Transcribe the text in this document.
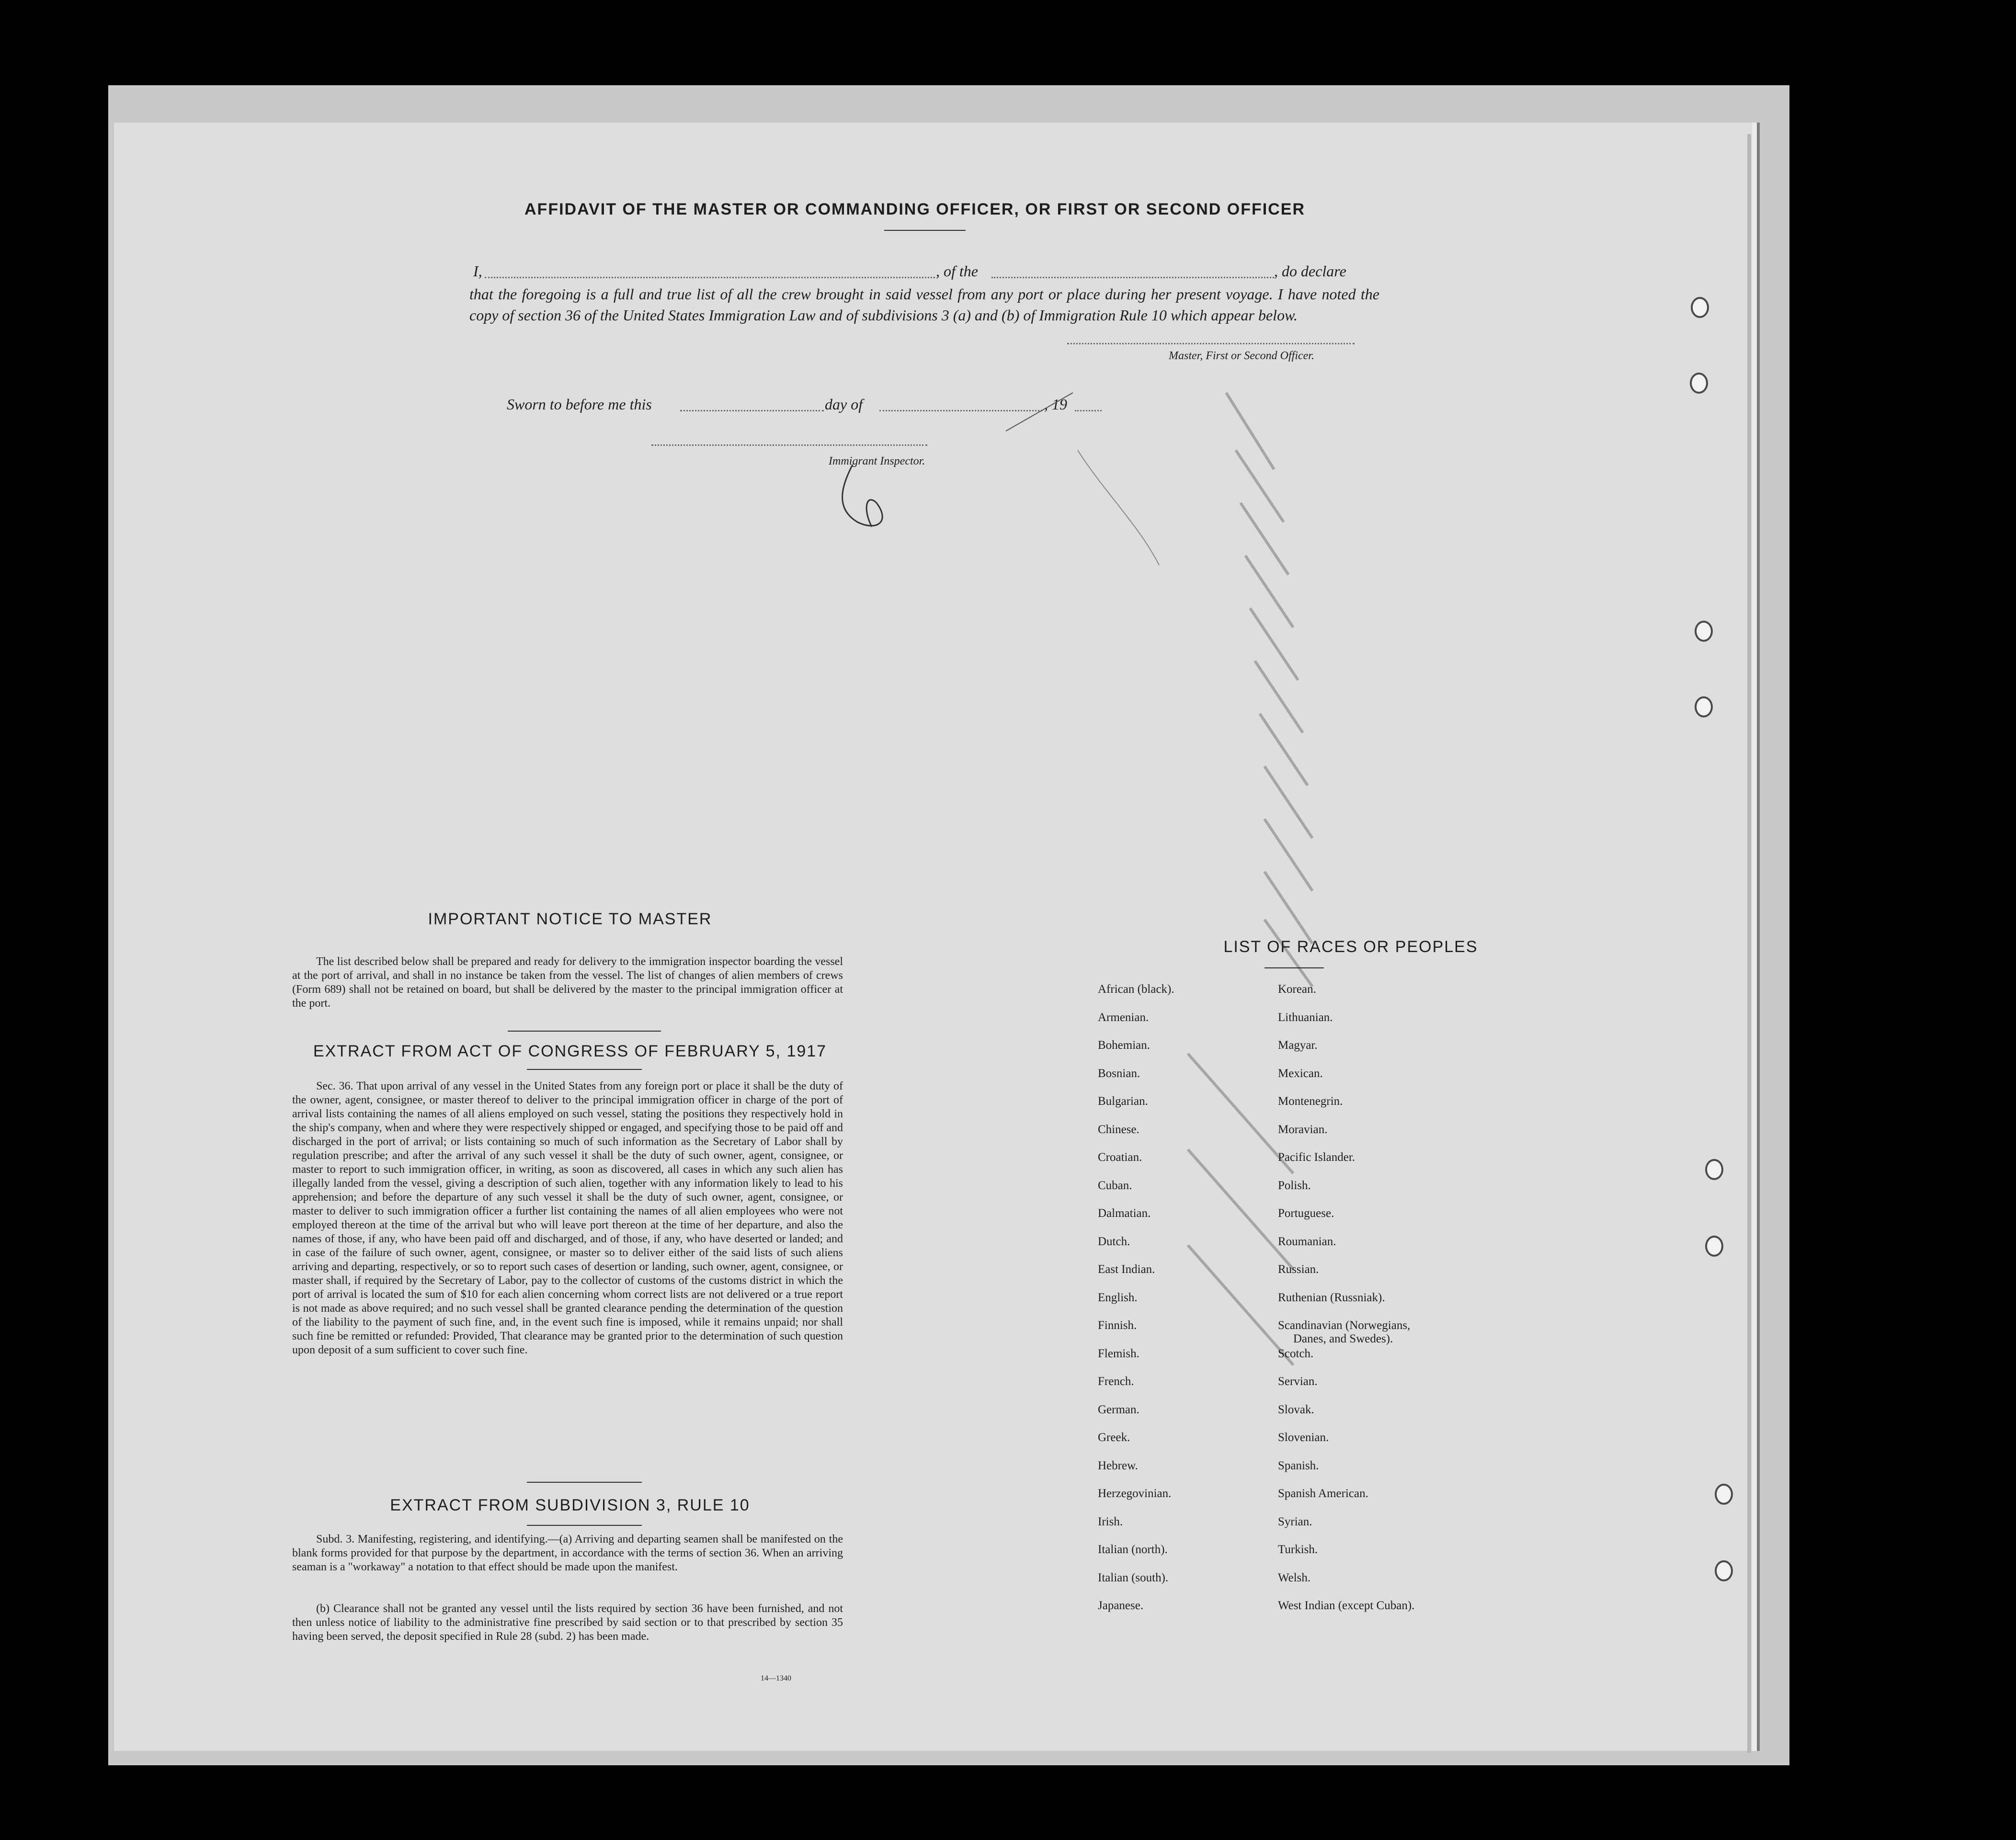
AFFIDAVIT OF THE MASTER OR COMMANDING OFFICER, OR FIRST OR SECOND OFFICER
I,	, of the	, do declare
that the foregoing is a full and true list of all the crew brought in said vessel from any port or place during her present voyage. I have noted the copy of section 36 of the United States Immigration Law and of subdivisions 3 (a) and (b) of Immigration Rule 10 which appear below.
Master, First or Second Officer.
Sworn to before me this	day of	, 19
Immigrant Inspector.
IMPORTANT NOTICE TO MASTER
The list described below shall be prepared and ready for delivery to the immigration inspector boarding the vessel at the port of arrival, and shall in no instance be taken from the vessel. The list of changes of alien members of crews (Form 689) shall not be retained on board, but shall be delivered by the master to the principal immigration officer at the port.
EXTRACT FROM ACT OF CONGRESS OF FEBRUARY 5, 1917
Sec. 36. That upon arrival of any vessel in the United States from any foreign port or place it shall be the duty of the owner, agent, consignee, or master thereof to deliver to the principal immigration officer in charge of the port of arrival lists containing the names of all aliens employed on such vessel, stating the positions they respectively hold in the ship's company, when and where they were respectively shipped or engaged, and specifying those to be paid off and discharged in the port of arrival; or lists containing so much of such information as the Secretary of Labor shall by regulation prescribe; and after the arrival of any such vessel it shall be the duty of such owner, agent, consignee, or master to report to such immigration officer, in writing, as soon as discovered, all cases in which any such alien has illegally landed from the vessel, giving a description of such alien, together with any information likely to lead to his apprehension; and before the departure of any such vessel it shall be the duty of such owner, agent, consignee, or master to deliver to such immigration officer a further list containing the names of all alien employees who were not employed thereon at the time of the arrival but who will leave port thereon at the time of her departure, and also the names of those, if any, who have been paid off and discharged, and of those, if any, who have deserted or landed; and in case of the failure of such owner, agent, consignee, or master so to deliver either of the said lists of such aliens arriving and departing, respectively, or so to report such cases of desertion or landing, such owner, agent, consignee, or master shall, if required by the Secretary of Labor, pay to the collector of customs of the customs district in which the port of arrival is located the sum of $10 for each alien concerning whom correct lists are not delivered or a true report is not made as above required; and no such vessel shall be granted clearance pending the determination of the question of the liability to the payment of such fine, and, in the event such fine is imposed, while it remains unpaid; nor shall such fine be remitted or refunded: Provided, That clearance may be granted prior to the determination of such question upon deposit of a sum sufficient to cover such fine.
EXTRACT FROM SUBDIVISION 3, RULE 10
Subd. 3. Manifesting, registering, and identifying.—(a) Arriving and departing seamen shall be manifested on the blank forms provided for that purpose by the department, in accordance with the terms of section 36. When an arriving seaman is a "workaway" a notation to that effect should be made upon the manifest.
(b) Clearance shall not be granted any vessel until the lists required by section 36 have been furnished, and not then unless notice of liability to the administrative fine prescribed by said section or to that prescribed by section 35 having been served, the deposit specified in Rule 28 (subd. 2) has been made.
14—1340
LIST OF RACES OR PEOPLES
African (black).
Armenian.
Bohemian.
Bosnian.
Bulgarian.
Chinese.
Croatian.
Cuban.
Dalmatian.
Dutch.
East Indian.
English.
Finnish.
Flemish.
French.
German.
Greek.
Hebrew.
Herzegovinian.
Irish.
Italian (north).
Italian (south).
Japanese.
Korean.
Lithuanian.
Magyar.
Mexican.
Montenegrin.
Moravian.
Pacific Islander.
Polish.
Portuguese.
Roumanian.
Russian.
Ruthenian (Russniak).
Scandinavian (Norwegians,
Danes, and Swedes).
Scotch.
Servian.
Slovak.
Slovenian.
Spanish.
Spanish American.
Syrian.
Turkish.
Welsh.
West Indian (except Cuban).
